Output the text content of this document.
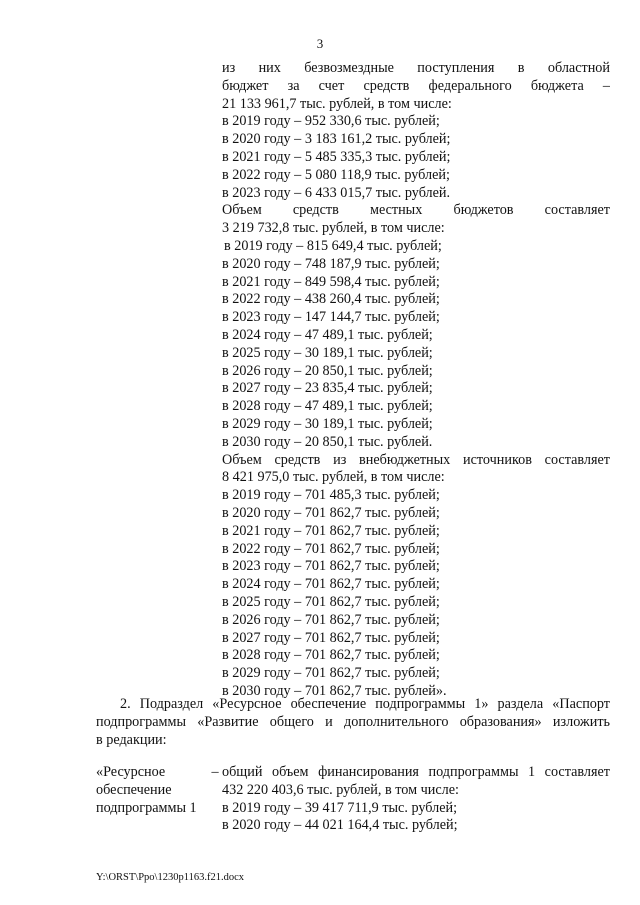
3
из них безвозмездные поступления в областной
бюджет за счет средств федерального бюджета –
21 133 961,7 тыс. рублей, в том числе:
в 2019 году – 952 330,6 тыс. рублей;
в 2020 году – 3 183 161,2 тыс. рублей;
в 2021 году – 5 485 335,3 тыс. рублей;
в 2022 году – 5 080 118,9 тыс. рублей;
в 2023 году – 6 433 015,7 тыс. рублей.
Объем средств местных бюджетов составляет
3 219 732,8 тыс. рублей, в том числе:
в 2019 году – 815 649,4 тыс. рублей;
в 2020 году – 748 187,9 тыс. рублей;
в 2021 году – 849 598,4 тыс. рублей;
в 2022 году – 438 260,4 тыс. рублей;
в 2023 году – 147 144,7 тыс. рублей;
в 2024 году – 47 489,1 тыс. рублей;
в 2025 году – 30 189,1 тыс. рублей;
в 2026 году – 20 850,1 тыс. рублей;
в 2027 году – 23 835,4 тыс. рублей;
в 2028 году – 47 489,1 тыс. рублей;
в 2029 году – 30 189,1 тыс. рублей;
в 2030 году – 20 850,1 тыс. рублей.
Объем средств из внебюджетных источников составляет
8 421 975,0 тыс. рублей, в том числе:
в 2019 году – 701 485,3 тыс. рублей;
в 2020 году – 701 862,7 тыс. рублей;
в 2021 году – 701 862,7 тыс. рублей;
в 2022 году – 701 862,7 тыс. рублей;
в 2023 году – 701 862,7 тыс. рублей;
в 2024 году – 701 862,7 тыс. рублей;
в 2025 году – 701 862,7 тыс. рублей;
в 2026 году – 701 862,7 тыс. рублей;
в 2027 году – 701 862,7 тыс. рублей;
в 2028 году – 701 862,7 тыс. рублей;
в 2029 году – 701 862,7 тыс. рублей;
в 2030 году – 701 862,7 тыс. рублей».
2. Подраздел «Ресурсное обеспечение подпрограммы 1» раздела «Паспорт
подпрограммы «Развитие общего и дополнительного образования» изложить
в редакции:
«Ресурсное
обеспечение
подпрограммы 1
– общий объем финансирования подпрограммы 1 составляет
432 220 403,6 тыс. рублей, в том числе:
в 2019 году – 39 417 711,9 тыс. рублей;
в 2020 году – 44 021 164,4 тыс. рублей;
Y:\ORST\Ppo\1230p1163.f21.docx
